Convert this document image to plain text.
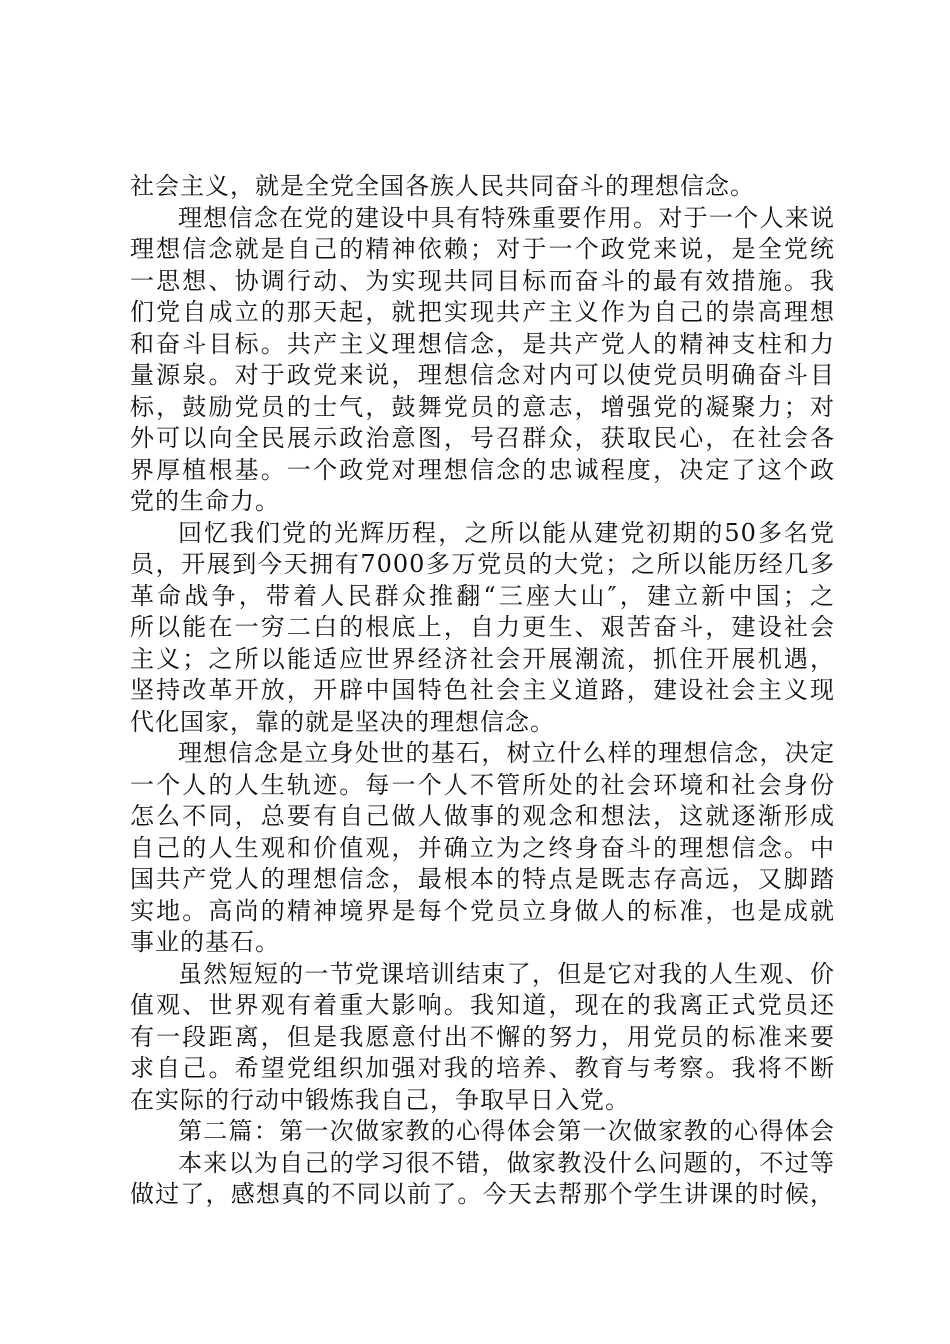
社会主义，就是全党全国各族人民共同奋斗的理想信念。
理想信念在党的建设中具有特殊重要作用。对于一个人来说
理想信念就是自己的精神依赖；对于一个政党来说，是全党统
一思想、协调行动、为实现共同目标而奋斗的最有效措施。我
们党自成立的那天起，就把实现共产主义作为自己的崇高理想
和奋斗目标。共产主义理想信念，是共产党人的精神支柱和力
量源泉。对于政党来说，理想信念对内可以使党员明确奋斗目
标，鼓励党员的士气，鼓舞党员的意志，增强党的凝聚力；对
外可以向全民展示政治意图，号召群众，获取民心，在社会各
界厚植根基。一个政党对理想信念的忠诚程度，决定了这个政
党的生命力。
回忆我们党的光辉历程，之所以能从建党初期的50多名党
员，开展到今天拥有7000多万党员的大党；之所以能历经几多
革命战争，带着人民群众推翻“三座大山″，建立新中国；之
所以能在一穷二白的根底上，自力更生、艰苦奋斗，建设社会
主义；之所以能适应世界经济社会开展潮流，抓住开展机遇，
坚持改革开放，开辟中国特色社会主义道路，建设社会主义现
代化国家，靠的就是坚决的理想信念。
理想信念是立身处世的基石，树立什么样的理想信念，决定
一个人的人生轨迹。每一个人不管所处的社会环境和社会身份
怎么不同，总要有自己做人做事的观念和想法，这就逐渐形成
自己的人生观和价值观，并确立为之终身奋斗的理想信念。中
国共产党人的理想信念，最根本的特点是既志存高远，又脚踏
实地。高尚的精神境界是每个党员立身做人的标准，也是成就
事业的基石。
虽然短短的一节党课培训结束了，但是它对我的人生观、价
值观、世界观有着重大影响。我知道，现在的我离正式党员还
有一段距离，但是我愿意付出不懈的努力，用党员的标准来要
求自己。希望党组织加强对我的培养、教育与考察。我将不断
在实际的行动中锻炼我自己，争取早日入党。
第二篇：第一次做家教的心得体会第一次做家教的心得体会
本来以为自己的学习很不错，做家教没什么问题的，不过等
做过了，感想真的不同以前了。今天去帮那个学生讲课的时候，
